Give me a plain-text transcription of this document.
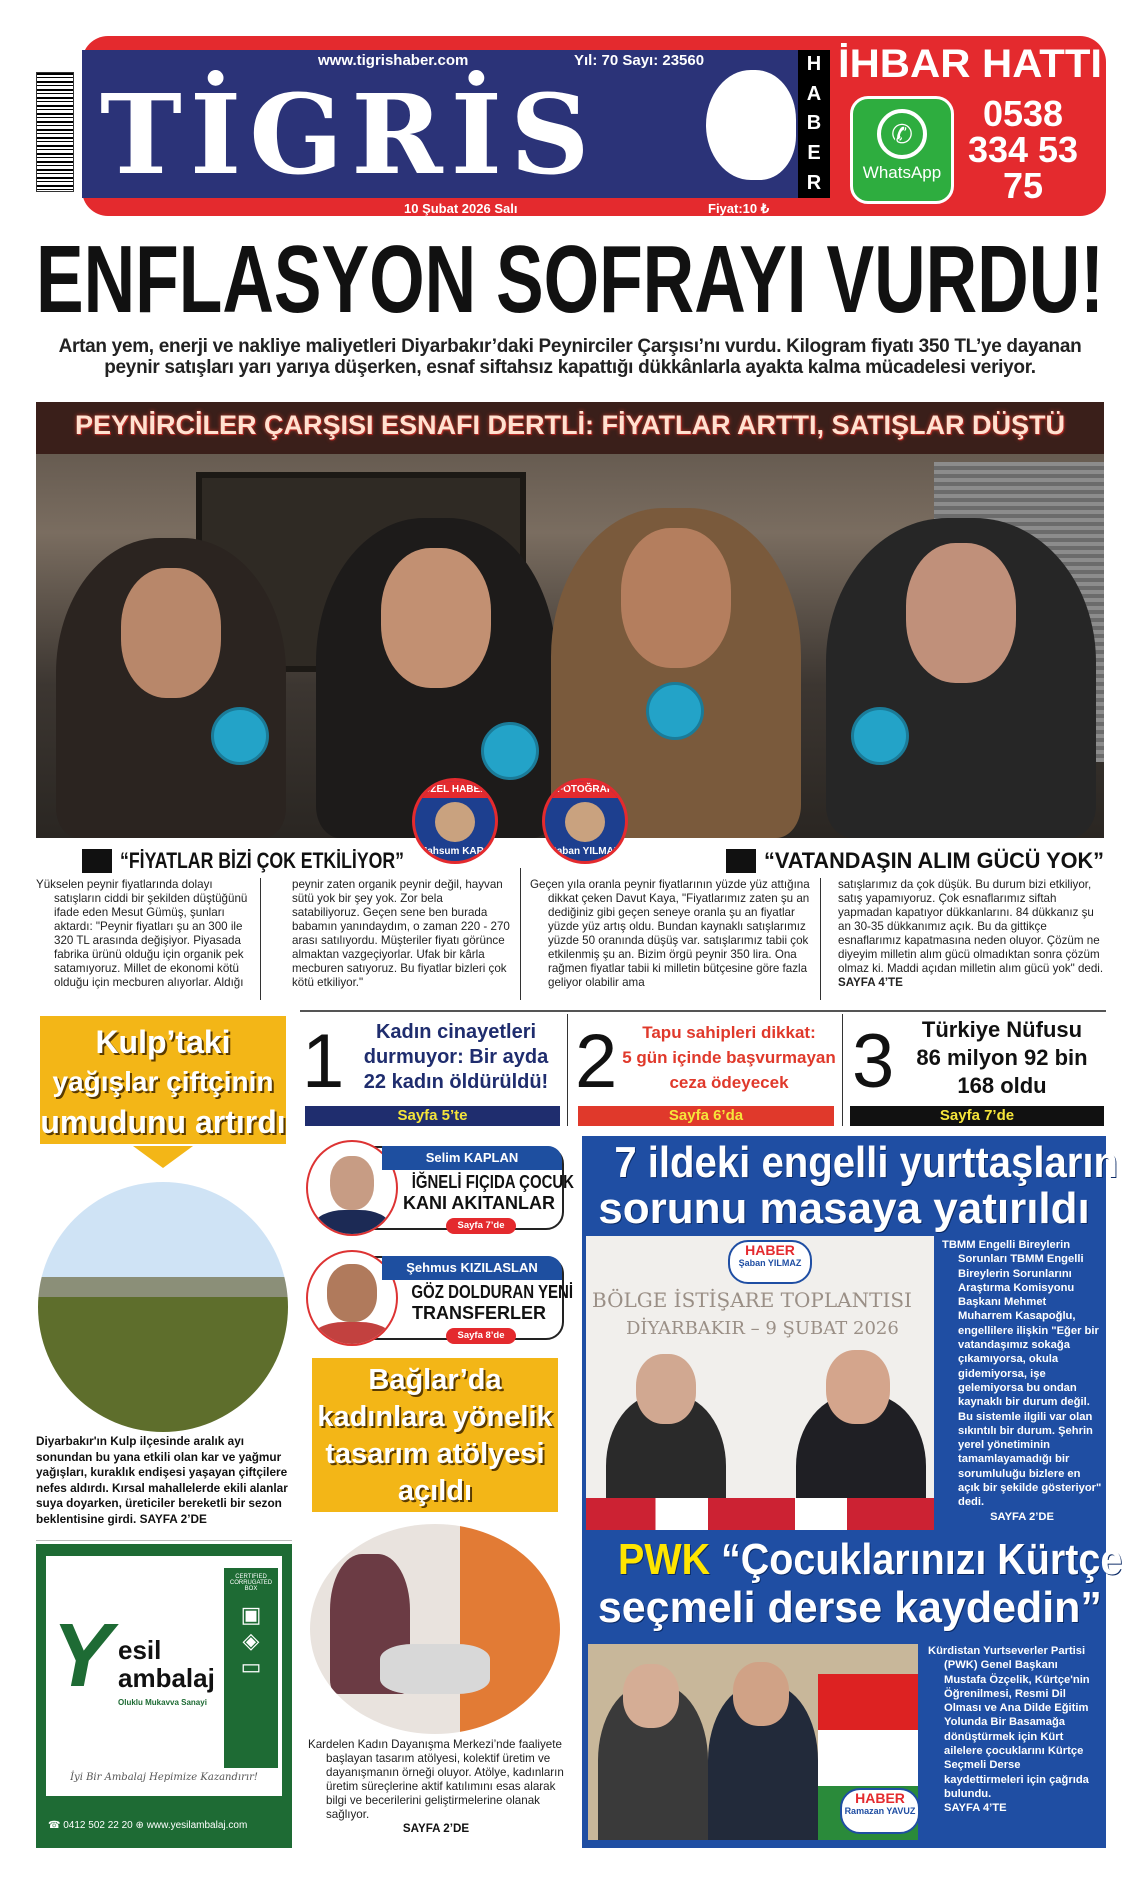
www.tigrishaber.com	Yıl: 70 Sayı: 23560
TİGRİS
H
A
B
E
R
10 Şubat 2026 Salı	Fiyat:10 ₺
İHBAR HATTI
✆
WhatsApp
0538
334 53
75
ENFLASYON SOFRAYI VURDU!
Artan yem, enerji ve nakliye maliyetleri Diyarbakır’daki Peynirciler Çarşısı’nı vurdu. Kilogram fiyatı 350 TL’ye dayanan peynir satışları yarı yarıya düşerken, esnaf siftahsız kapattığı dükkânlarla ayakta kalma mücadelesi veriyor.
PEYNİRCİLER ÇARŞISI ESNAFI DERTLİ: FİYATLAR ARTTI, SATIŞLAR DÜŞTÜ
ÖZEL HABER
Mahsum KARA
FOTOĞRAF
Şaban YILMAZ
“FİYATLAR BİZİ ÇOK ETKİLİYOR”
Yükselen peynir fiyatlarında dolayı satışların ciddi bir şekilden düştüğünü ifade eden Mesut Gümüş, şunları aktardı: "Peynir fiyatları şu an 300 ile 320 TL arasında değişiyor. Piyasada fabrika ürünü olduğu için organik pek satamıyoruz. Millet de ekonomi kötü olduğu için mecburen alıyorlar. Aldığı
peynir zaten organik peynir değil, hayvan sütü yok bir şey yok. Zor bela satabiliyoruz. Geçen sene ben burada babamın yanındaydım, o zaman 220 - 270 arası satılıyordu. Müşteriler fiyatı görünce almaktan vazgeçiyorlar. Ufak bir kârla mecburen satıyoruz. Bu fiyatlar bizleri çok kötü etkiliyor."
“VATANDAŞIN ALIM GÜCÜ YOK”
Geçen yıla oranla peynir fiyatlarının yüzde yüz attığına dikkat çeken Davut Kaya, "Fiyatlarımız zaten şu an dediğiniz gibi geçen seneye oranla şu an fiyatlar yüzde yüz artış oldu. Bundan kaynaklı satışlarımız yüzde 50 oranında düşüş var. satışlarımız tabii çok etkilenmiş şu an. Bizim örgü peynir 350 lira. Ona rağmen fiyatlar tabii ki milletin bütçesine göre fazla geliyor olabilir ama
satışlarımız da çok düşük. Bu durum bizi etkiliyor, satış yapamıyoruz. Çok esnaflarımız siftah yapmadan kapatıyor dükkanlarını. 84 dükkanız şu an 30-35 dükkanımız açık. Bu da gittikçe esnaflarımız kapatmasına neden oluyor. Çözüm ne diyeyim milletin alım gücü olmadıktan sonra çözüm olmaz ki. Maddi açıdan milletin alım gücü yok" dedi. SAYFA 4’TE
Kulp’taki
yağışlar çiftçinin
umudunu artırdı
Diyarbakır'ın Kulp ilçesinde aralık ayı sonundan bu yana etkili olan kar ve yağmur yağışları, kuraklık endişesi yaşayan çiftçilere nefes aldırdı. Kırsal mahallelerde ekili alanlar suya doyarken, üreticiler bereketli bir sezon beklentisine girdi. SAYFA 2’DE
CERTIFIED CORRUGATED BOX
▣
◈
▭
Y esil
ambalaj
Oluklu Mukavva Sanayi
İyi Bir Ambalaj Hepimize Kazandırır!
☎ 0412 502 22 20 ⊕ www.yesilambalaj.com
1	Kadın cinayetleri
durmuyor: Bir ayda
22 kadın öldürüldü!
Sayfa 5’te
2	Tapu sahipleri dikkat:
5 gün içinde başvurmayan
ceza ödeyecek
Sayfa 6’da
3	Türkiye Nüfusu
86 milyon 92 bin
168 oldu
Sayfa 7’de
Selim KAPLAN
İĞNELİ FIÇIDA ÇOCUK
KANI AKITANLAR
Sayfa 7’de
Şehmus KIZILASLAN
GÖZ DOLDURAN YENİ
TRANSFERLER
Sayfa 8’de
Bağlar’da
kadınlara yönelik
tasarım atölyesi
açıldı
Kardelen Kadın Dayanışma Merkezi’nde faaliyete başlayan tasarım atölyesi, kolektif üretim ve dayanışmanın örneği oluyor. Atölye, kadınların üretim süreçlerine aktif katılımını esas alarak bilgi ve becerilerini geliştirmelerine olanak sağlıyor.
SAYFA 2’DE
7 ildeki engelli yurttaşların
sorunu masaya yatırıldı
BÖLGE İSTİŞARE TOPLANTISI
DİYARBAKIR – 9 ŞUBAT 2026
HABER
Şaban YILMAZ

TBMM Engelli Bireylerin Sorunları TBMM Engelli Bireylerin Sorunlarını Araştırma Komisyonu Başkanı Mehmet Muharrem Kasapoğlu, engellilere ilişkin "Eğer bir vatandaşımız sokağa çıkamıyorsa, okula gidemiyorsa, işe gelemiyorsa bu ondan kaynaklı bir durum değil. Bu sistemle ilgili var olan sıkıntılı bir durum. Şehrin yerel yönetiminin tamamlayamadığı bir sorumluluğu bizlere en açık bir şekilde gösteriyor" dedi.

SAYFA 2’DE
PWK “Çocuklarınızı Kürtçe
seçmeli derse kaydedin”
HABER
Ramazan YAVUZ

Kürdistan Yurtseverler Partisi (PWK) Genel Başkanı Mustafa Özçelik, Kürtçe'nin Öğrenilmesi, Resmi Dil Olması ve Ana Dilde Eğitim Yolunda Bir Basamağa dönüştürmek için Kürt ailelere çocuklarını Kürtçe Seçmeli Derse kaydettirmeleri için çağrıda bulundu.

SAYFA 4’TE
